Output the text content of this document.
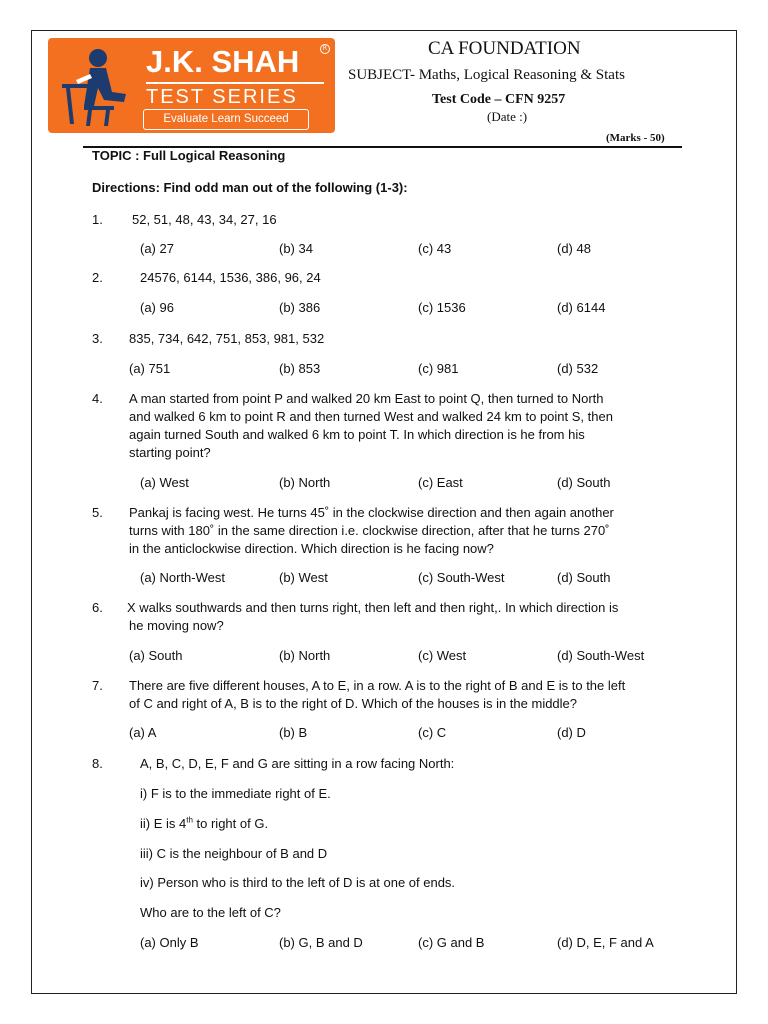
J.K. SHAH	R
TEST SERIES
Evaluate Learn Succeed
CA FOUNDATION
SUBJECT- Maths, Logical Reasoning & Stats
Test Code – CFN 9257
(Date :)
(Marks - 50)
TOPIC : Full Logical Reasoning
Directions: Find odd man out of the following (1-3):
1. 52, 51, 48, 43, 34, 27, 16
(a) 27	(b) 34	(c) 43	(d) 48
2.	24576, 6144, 1536, 386, 96, 24
(a) 96	(b) 386	(c) 1536	(d) 6144
3. 835, 734, 642, 751, 853, 981, 532
(a) 751	(b) 853	(c) 981	(d) 532
4. A man started from point P and walked 20 km East to point Q, then turned to North
and walked 6 km to point R and then turned West and walked 24 km to point S, then
again turned South and walked 6 km to point T. In which direction is he from his
starting point?
(a) West	(b) North	(c) East	(d) South
5. Pankaj is facing west. He turns 45˚ in the clockwise direction and then again another
turns with 180˚ in the same direction i.e. clockwise direction, after that he turns 270˚
in the anticlockwise direction. Which direction is he facing now?
(a) North-West	(b) West	(c) South-West	(d) South
6. X walks southwards and then turns right, then left and then right,. In which direction is
he moving now?
(a) South	(b) North	(c) West	(d) South-West
7. There are five different houses, A to E, in a row. A is to the right of B and E is to the left
of C and right of A, B is to the right of D. Which of the houses is in the middle?
(a) A	(b) B	(c) C	(d) D
8.	A, B, C, D, E, F and G are sitting in a row facing North:
i) F is to the immediate right of E.
ii) E is 4th to right of G.
iii) C is the neighbour of B and D
iv) Person who is third to the left of D is at one of ends.
Who are to the left of C?
(a) Only B	(b) G, B and D	(c) G and B	(d) D, E, F and A
